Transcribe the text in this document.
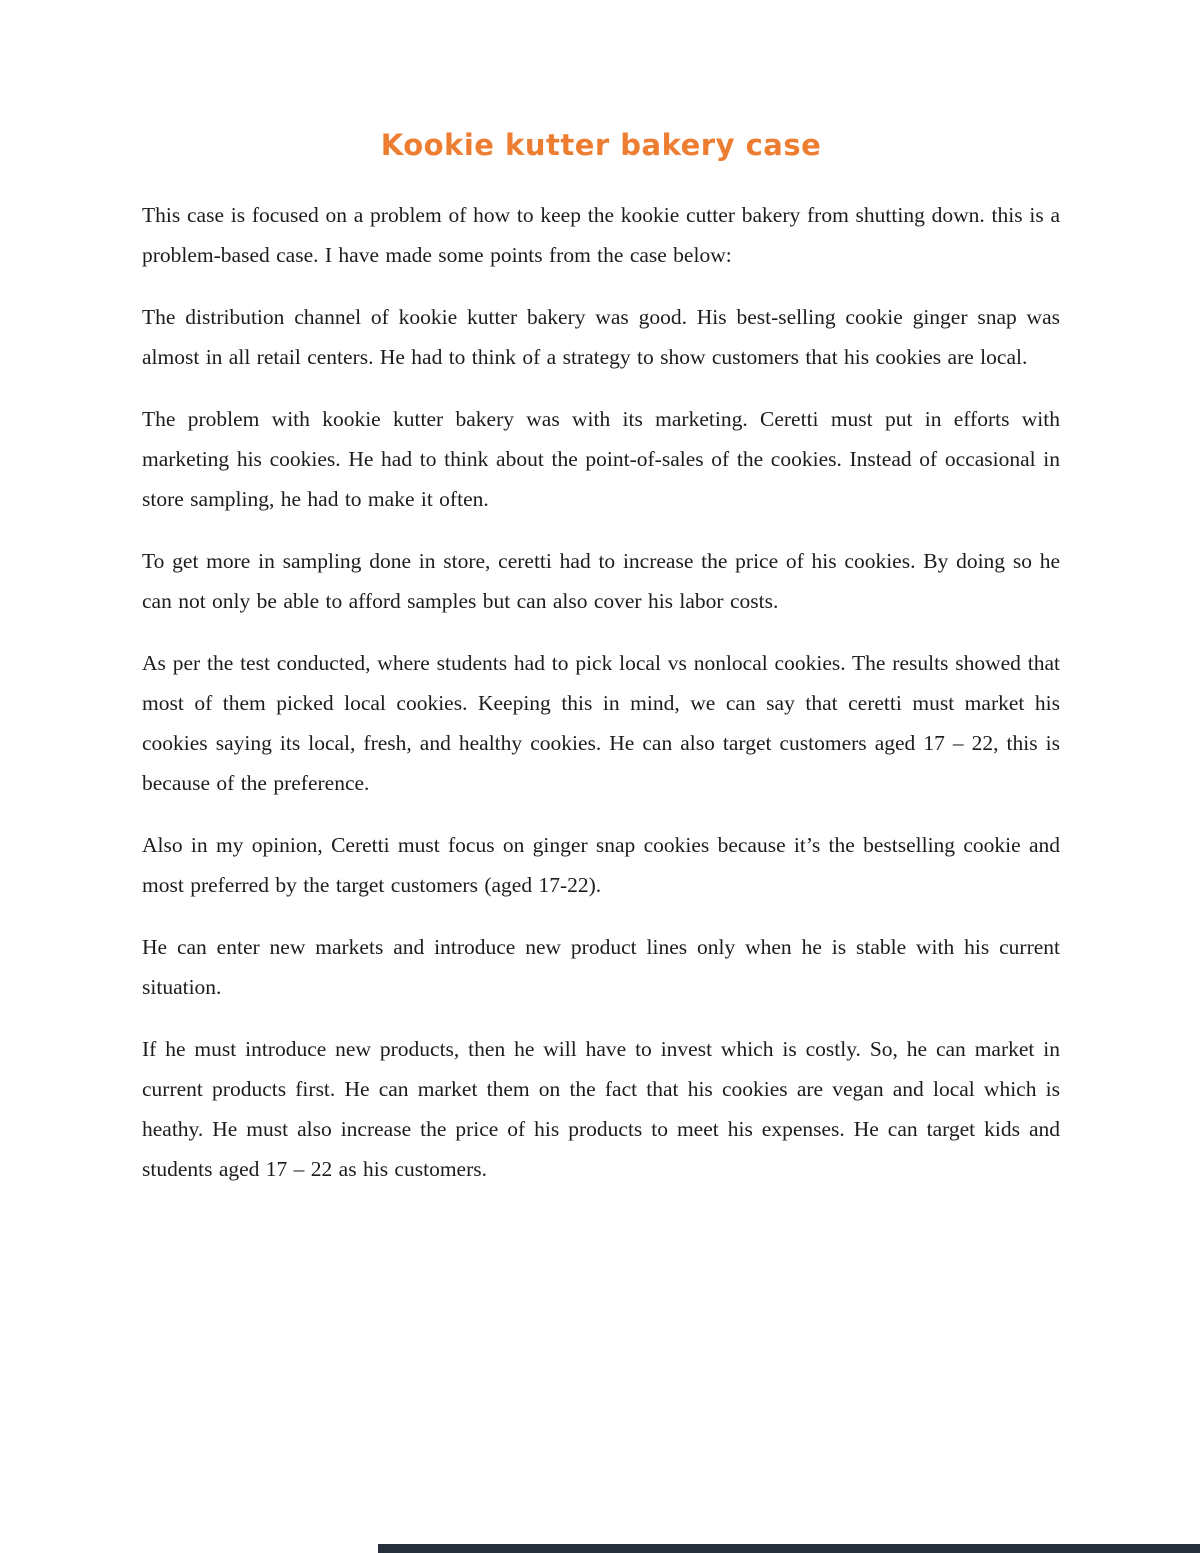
Kookie kutter bakery case

This case is focused on a problem of how to keep the kookie cutter bakery from shutting down. this is a problem-based case. I have made some points from the case below:

The distribution channel of kookie kutter bakery was good. His best-selling cookie ginger snap was almost in all retail centers. He had to think of a strategy to show customers that his cookies are local.

The problem with kookie kutter bakery was with its marketing. Ceretti must put in efforts with marketing his cookies. He had to think about the point-of-sales of the cookies. Instead of occasional in store sampling, he had to make it often.

To get more in sampling done in store, ceretti had to increase the price of his cookies. By doing so he can not only be able to afford samples but can also cover his labor costs.

As per the test conducted, where students had to pick local vs nonlocal cookies. The results showed that most of them picked local cookies. Keeping this in mind, we can say that ceretti must market his cookies saying its local, fresh, and healthy cookies. He can also target customers aged 17 – 22, this is because of the preference.

Also in my opinion, Ceretti must focus on ginger snap cookies because it’s the bestselling cookie and most preferred by the target customers (aged 17-22).

He can enter new markets and introduce new product lines only when he is stable with his current situation.

If he must introduce new products, then he will have to invest which is costly. So, he can market in current products first. He can market them on the fact that his cookies are vegan and local which is heathy. He must also increase the price of his products to meet his expenses. He can target kids and students aged 17 – 22 as his customers.
